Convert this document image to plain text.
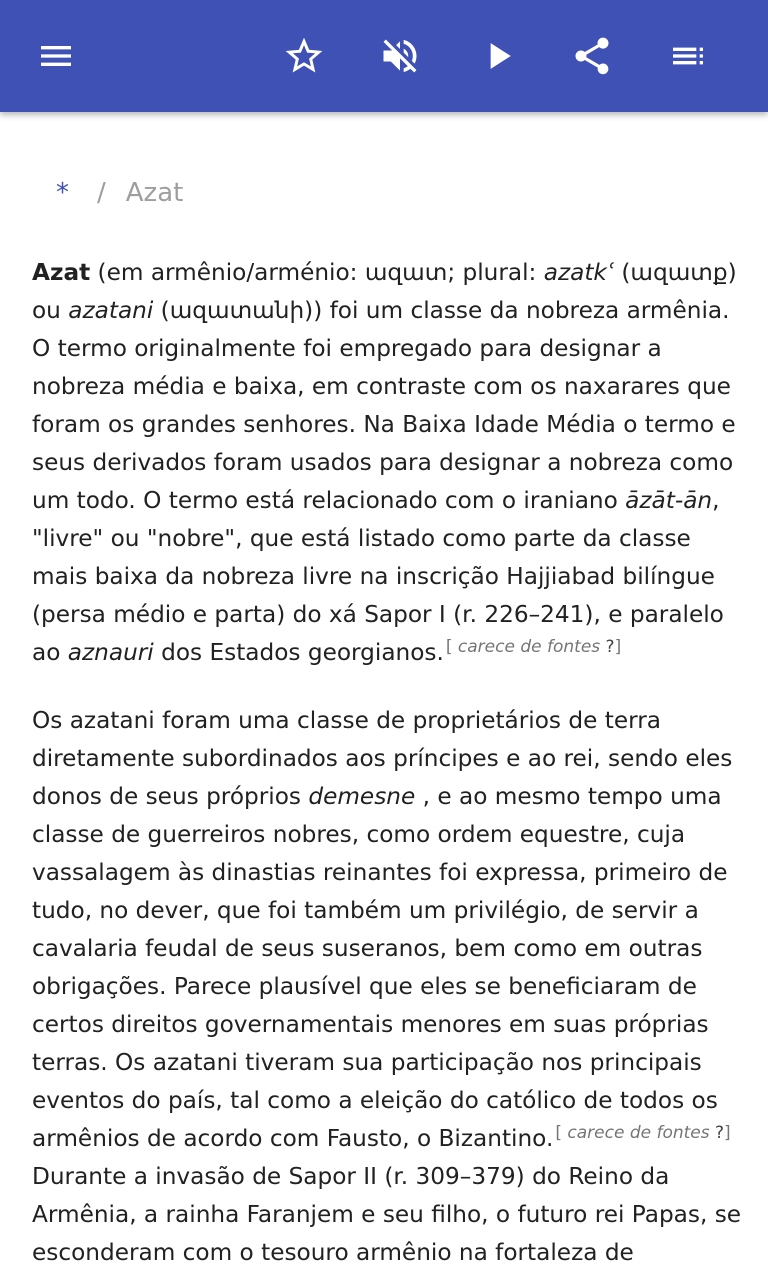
* / Azat

Azat (em armênio/arménio: ազատ; plural: azatkʿ (ազատք) ou azatani (ազատանի)) foi um classe da nobreza armênia. O termo originalmente foi empregado para designar a nobreza média e baixa, em contraste com os naxarares que foram os grandes senhores. Na Baixa Idade Média o termo e seus derivados foram usados para designar a nobreza como um todo. O termo está relacionado com o iraniano āzāt-ān, "livre" ou "nobre", que está listado como parte da classe mais baixa da nobreza livre na inscrição Hajjiabad bilíngue (persa médio e parta) do xá Sapor I (r. 226–241), e paralelo ao aznauri dos Estados georgianos. [ carece de fontes ?]

Os azatani foram uma classe de proprietários de terra diretamente subordinados aos príncipes e ao rei, sendo eles donos de seus próprios demesne , e ao mesmo tempo uma classe de guerreiros nobres, como ordem equestre, cuja vassalagem às dinastias reinantes foi expressa, primeiro de tudo, no dever, que foi também um privilégio, de servir a cavalaria feudal de seus suseranos, bem como em outras obrigações. Parece plausível que eles se beneficiaram de certos direitos governamentais menores em suas próprias terras. Os azatani tiveram sua participação nos principais eventos do país, tal como a eleição do católico de todos os armênios de acordo com Fausto, o Bizantino. [ carece de fontes ?] Durante a invasão de Sapor II (r. 309–379) do Reino da Armênia, a rainha Faranjem e seu filho, o futuro rei Papas, se esconderam com o tesouro armênio na fortaleza de
